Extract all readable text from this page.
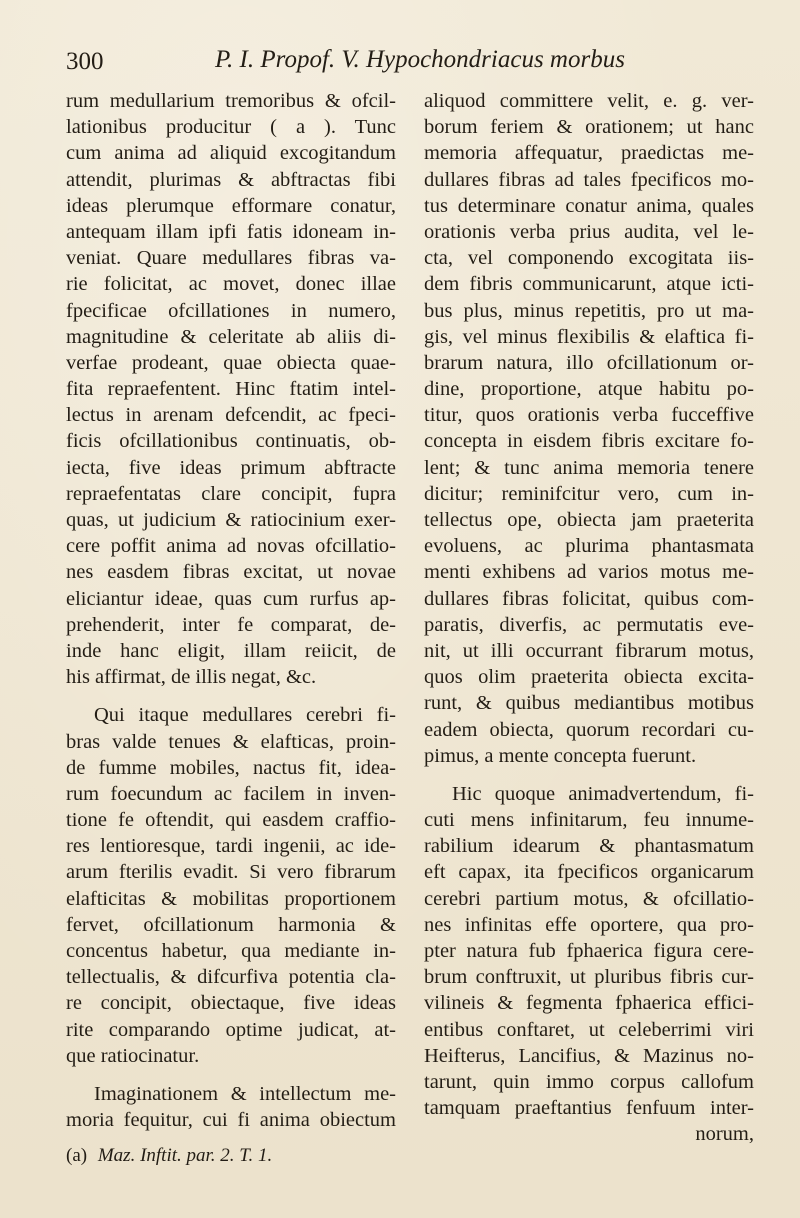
300	P. I. Propof. V. Hypochondriacus morbus
rum medullarium tremoribus & ofcil-
lationibus producitur ( a ). Tunc
cum anima ad aliquid excogitandum
attendit, plurimas & abftractas fibi
ideas plerumque efformare conatur,
antequam illam ipfi fatis idoneam in-
veniat. Quare medullares fibras va-
rie folicitat, ac movet, donec illae
fpecificae ofcillationes in numero,
magnitudine & celeritate ab aliis di-
verfae prodeant, quae obiecta quae-
fita repraefentent. Hinc ftatim intel-
lectus in arenam defcendit, ac fpeci-
ficis ofcillationibus continuatis, ob-
iecta, five ideas primum abftracte
repraefentatas clare concipit, fupra
quas, ut judicium & ratiocinium exer-
cere poffit anima ad novas ofcillatio-
nes easdem fibras excitat, ut novae
eliciantur ideae, quas cum rurfus ap-
prehenderit, inter fe comparat, de-
inde hanc eligit, illam reiicit, de
his affirmat, de illis negat, &c.
Qui itaque medullares cerebri fi-
bras valde tenues & elafticas, proin-
de fumme mobiles, nactus fit, idea-
rum foecundum ac facilem in inven-
tione fe oftendit, qui easdem craffio-
res lentioresque, tardi ingenii, ac ide-
arum fterilis evadit. Si vero fibrarum
elafticitas & mobilitas proportionem
fervet, ofcillationum harmonia &
concentus habetur, qua mediante in-
tellectualis, & difcurfiva potentia cla-
re concipit, obiectaque, five ideas
rite comparando optime judicat, at-
que ratiocinatur.
Imaginationem & intellectum me-
moria fequitur, cui fi anima obiectum
aliquod committere velit, e. g. ver-
borum feriem & orationem; ut hanc
memoria affequatur, praedictas me-
dullares fibras ad tales fpecificos mo-
tus determinare conatur anima, quales
orationis verba prius audita, vel le-
cta, vel componendo excogitata iis-
dem fibris communicarunt, atque icti-
bus plus, minus repetitis, pro ut ma-
gis, vel minus flexibilis & elaftica fi-
brarum natura, illo ofcillationum or-
dine, proportione, atque habitu po-
titur, quos orationis verba fucceffive
concepta in eisdem fibris excitare fo-
lent; & tunc anima memoria tenere
dicitur; reminifcitur vero, cum in-
tellectus ope, obiecta jam praeterita
evoluens, ac plurima phantasmata
menti exhibens ad varios motus me-
dullares fibras folicitat, quibus com-
paratis, diverfis, ac permutatis eve-
nit, ut illi occurrant fibrarum motus,
quos olim praeterita obiecta excita-
runt, & quibus mediantibus motibus
eadem obiecta, quorum recordari cu-
pimus, a mente concepta fuerunt.
Hic quoque animadvertendum, fi-
cuti mens infinitarum, feu innume-
rabilium idearum & phantasmatum
eft capax, ita fpecificos organicarum
cerebri partium motus, & ofcillatio-
nes infinitas effe oportere, qua pro-
pter natura fub fphaerica figura cere-
brum conftruxit, ut pluribus fibris cur-
vilineis & fegmenta fphaerica effici-
entibus conftaret, ut celeberrimi viri
Heifterus, Lancifius, & Mazinus no-
tarunt, quin immo corpus callofum
tamquam praeftantius fenfuum inter-
norum,
(a) Maz. Inftit. par. 2. T. 1.
